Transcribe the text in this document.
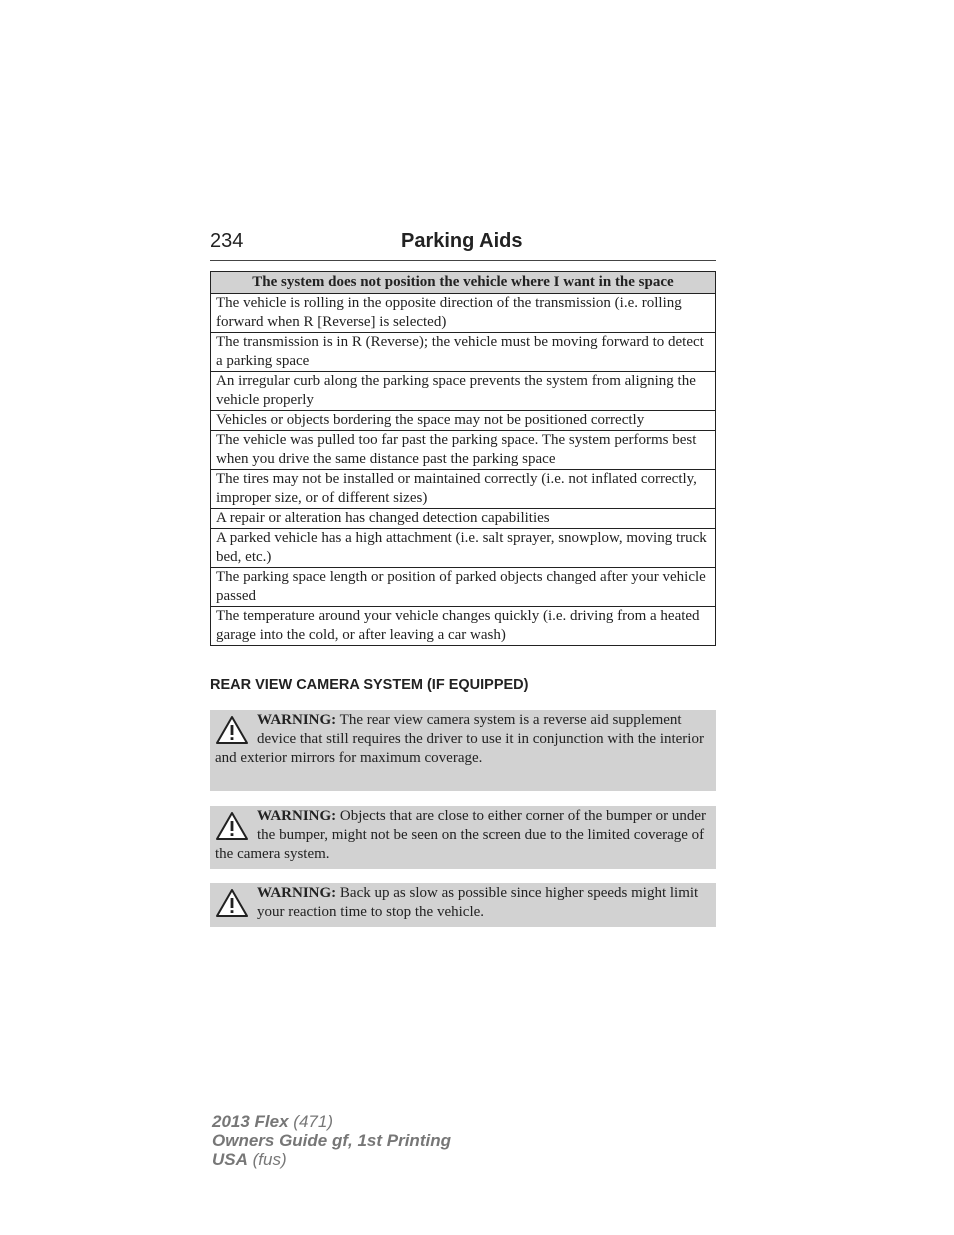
234	Parking Aids
The system does not position the vehicle where I want in the space
The vehicle is rolling in the opposite direction of the transmission (i.e. rolling forward when R [Reverse] is selected)
The transmission is in R (Reverse); the vehicle must be moving forward to detect a parking space
An irregular curb along the parking space prevents the system from aligning the vehicle properly
Vehicles or objects bordering the space may not be positioned correctly
The vehicle was pulled too far past the parking space. The system performs best when you drive the same distance past the parking space
The tires may not be installed or maintained correctly (i.e. not inflated correctly, improper size, or of different sizes)
A repair or alteration has changed detection capabilities
A parked vehicle has a high attachment (i.e. salt sprayer, snowplow, moving truck bed, etc.)
The parking space length or position of parked objects changed after your vehicle passed
The temperature around your vehicle changes quickly (i.e. driving from a heated garage into the cold, or after leaving a car wash)
REAR VIEW CAMERA SYSTEM (IF EQUIPPED)
WARNING: The rear view camera system is a reverse aid supplement device that still requires the driver to use it in conjunction with the interior and exterior mirrors for maximum coverage.
WARNING: Objects that are close to either corner of the bumper or under the bumper, might not be seen on the screen due to the limited coverage of the camera system.
WARNING: Back up as slow as possible since higher speeds might limit your reaction time to stop the vehicle.
2013 Flex (471)
Owners Guide gf, 1st Printing
USA (fus)
